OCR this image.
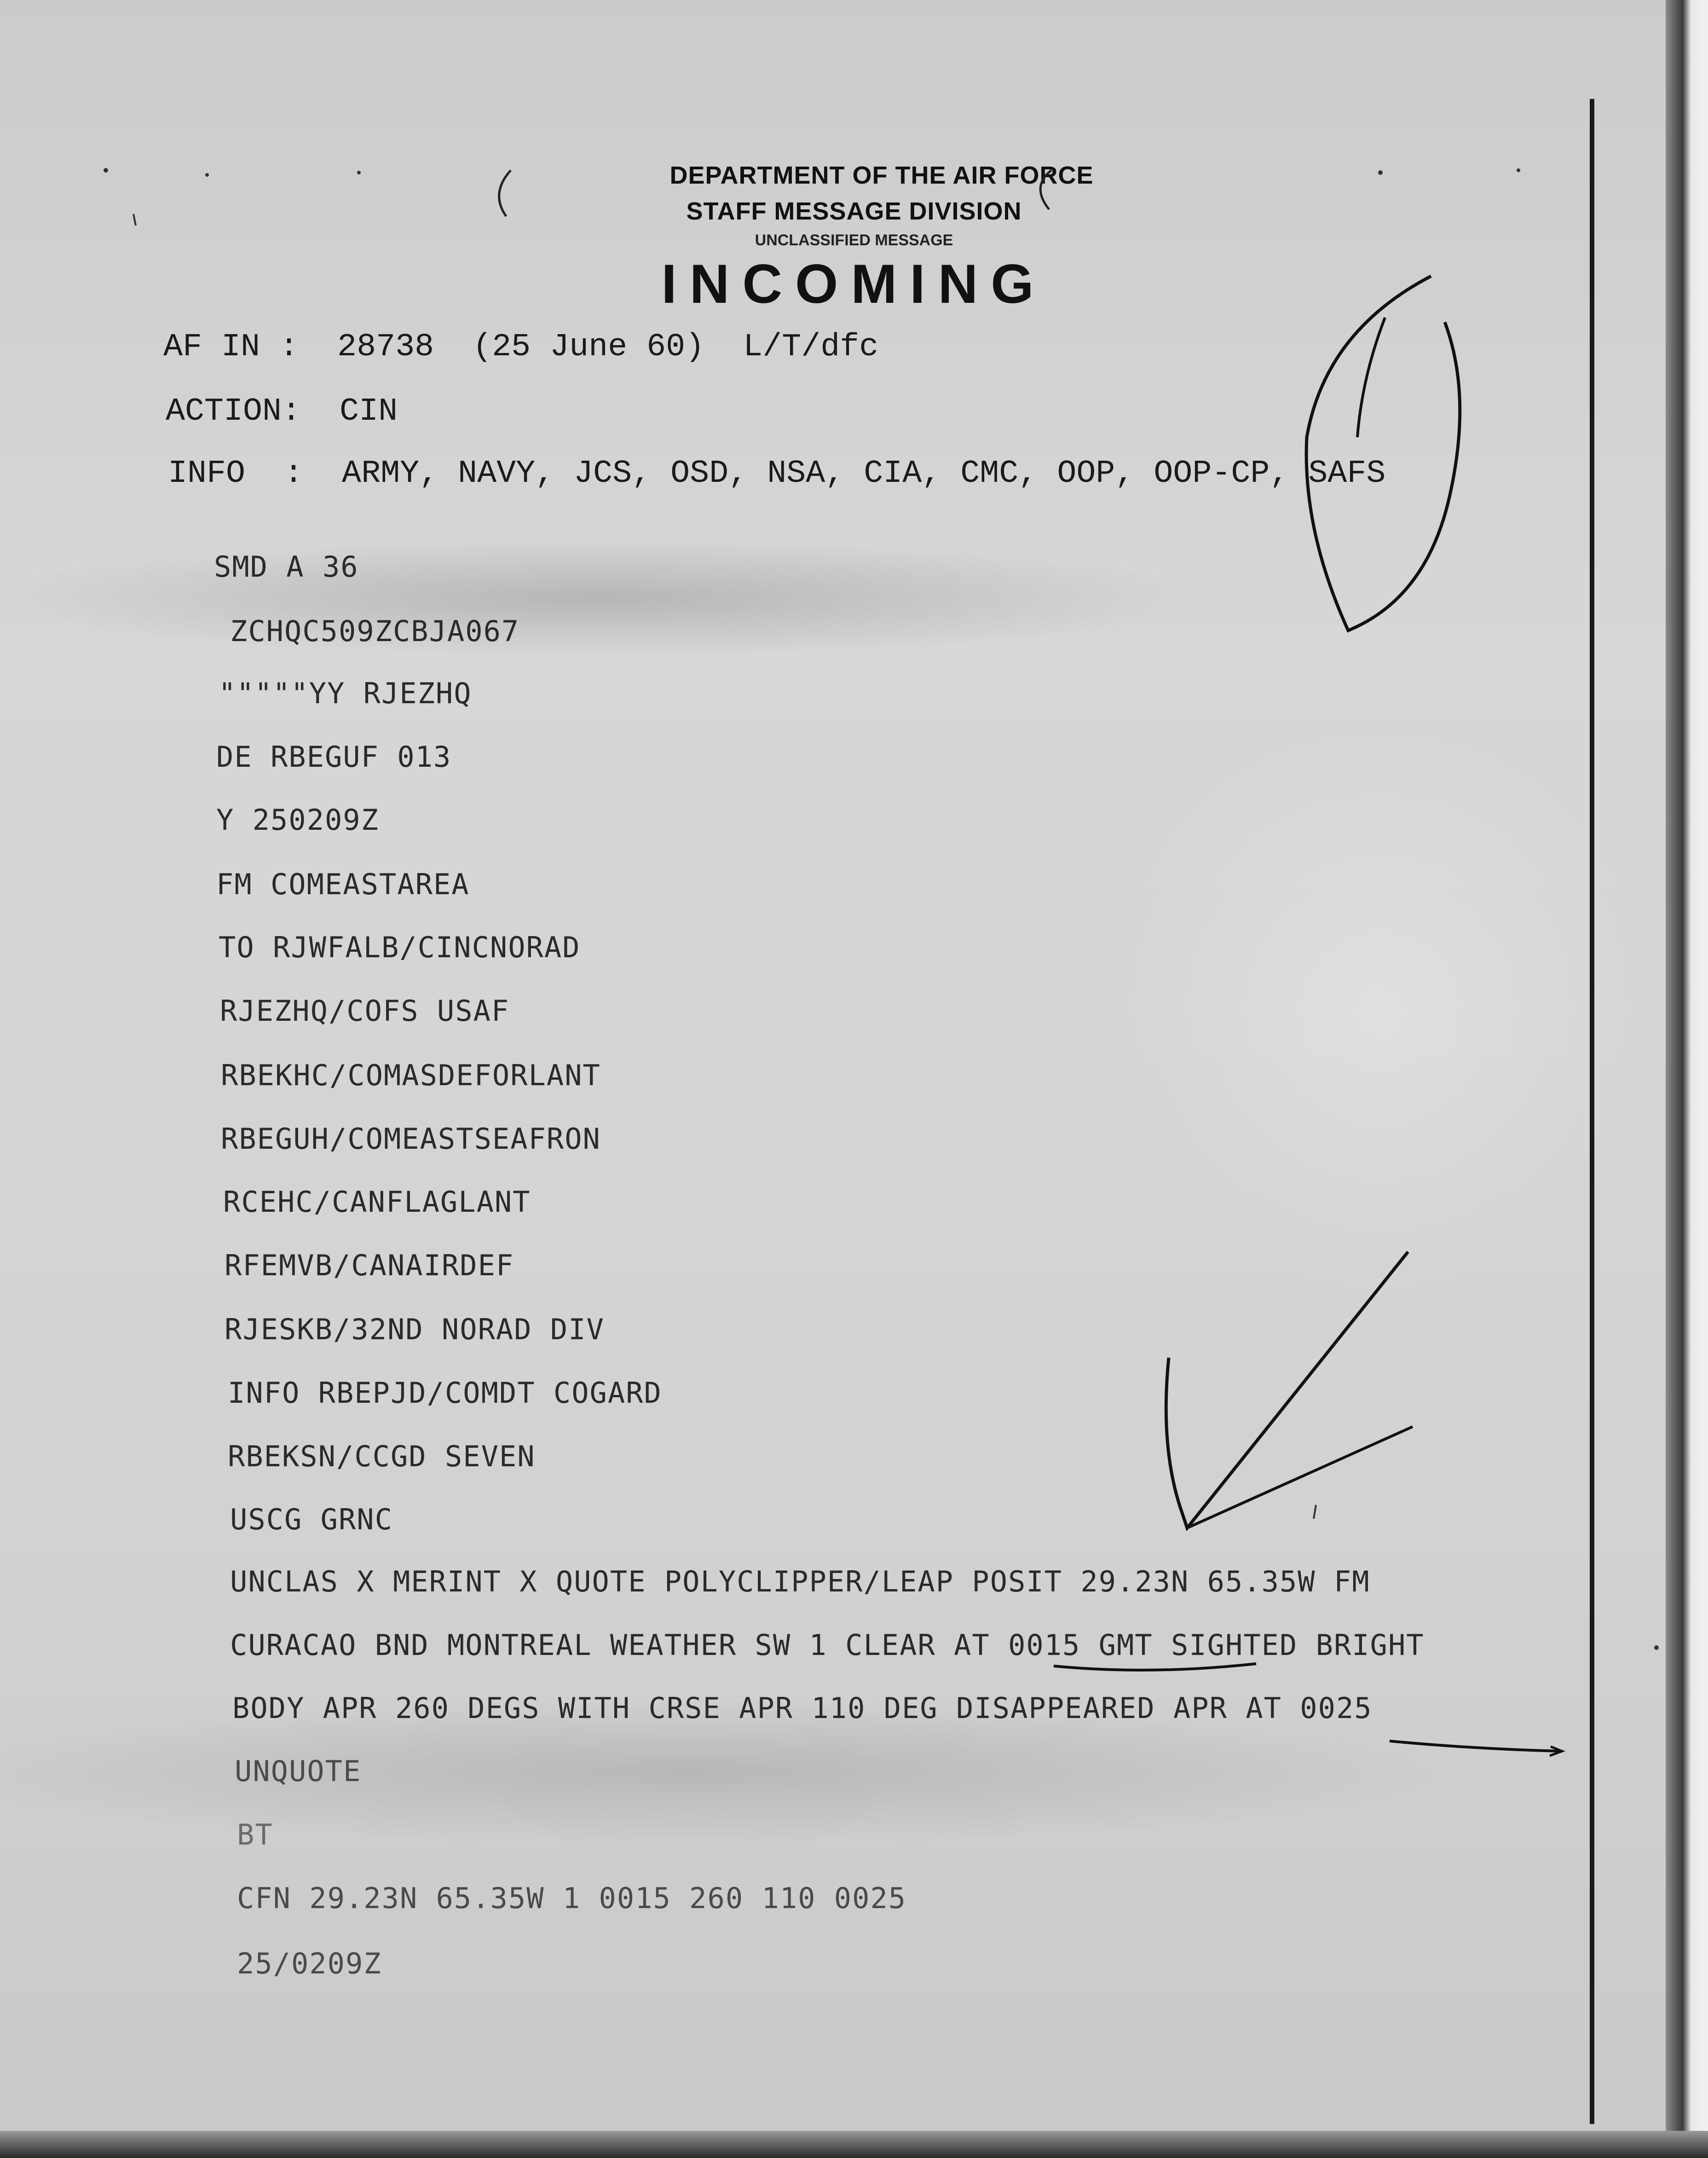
DEPARTMENT OF THE AIR FORCE
STAFF MESSAGE DIVISION
UNCLASSIFIED MESSAGE
INCOMING
AF IN :  28738  (25 June 60)  L/T/dfc
ACTION:  CIN
INFO  :  ARMY, NAVY, JCS, OSD, NSA, CIA, CMC, OOP, OOP-CP, SAFS
SMD A 36
ZCHQC509ZCBJA067
"""""YY RJEZHQ
DE RBEGUF 013
Y 250209Z
FM COMEASTAREA
TO RJWFALB/CINCNORAD
RJEZHQ/COFS USAF
RBEKHC/COMASDEFORLANT
RBEGUH/COMEASTSEAFRON
RCEHC/CANFLAGLANT
RFEMVB/CANAIRDEF
RJESKB/32ND NORAD DIV
INFO RBEPJD/COMDT COGARD
RBEKSN/CCGD SEVEN
USCG GRNC
UNCLAS X MERINT X QUOTE POLYCLIPPER/LEAP POSIT 29.23N 65.35W FM
CURACAO BND MONTREAL WEATHER SW 1 CLEAR AT 0015 GMT SIGHTED BRIGHT
BODY APR 260 DEGS WITH CRSE APR 110 DEG DISAPPEARED APR AT 0025
UNQUOTE
BT
CFN 29.23N 65.35W 1 0015 260 110 0025
25/0209Z
